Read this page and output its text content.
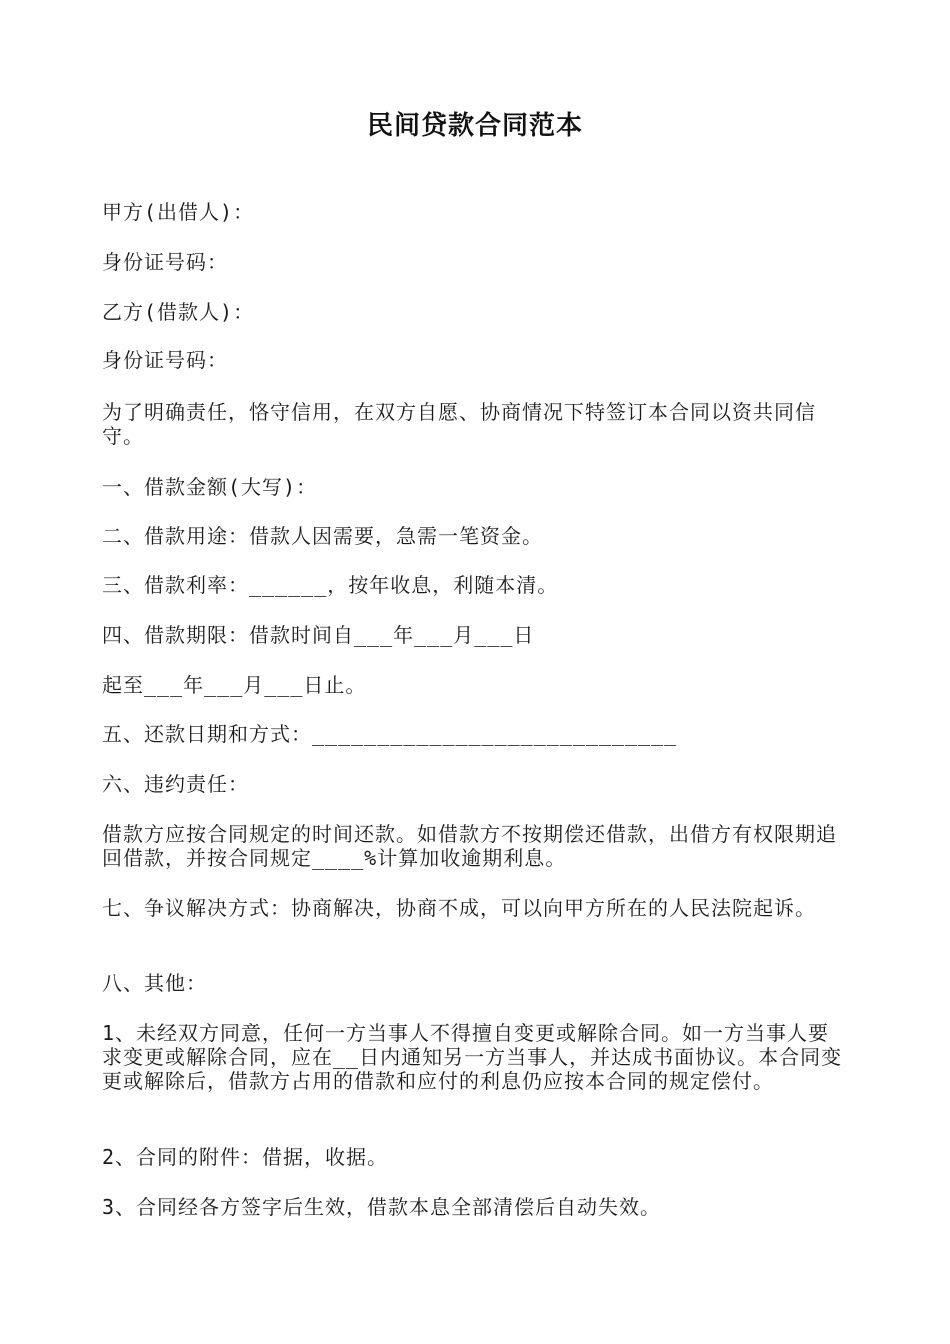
民间贷款合同范本

甲方(出借人)：

身份证号码：

乙方(借款人)：

身份证号码：

为了明确责任，恪守信用，在双方自愿、协商情况下特签订本合同以资共同信守。

一、借款金额(大写)：

二、借款用途：借款人因需要，急需一笔资金。

三、借款利率：______，按年收息，利随本清。

四、借款期限：借款时间自___年___月___日

起至___年___月___日止。

五、还款日期和方式：____________________________

六、违约责任：

借款方应按合同规定的时间还款。如借款方不按期偿还借款，出借方有权限期追回借款，并按合同规定____%计算加收逾期利息。

七、争议解决方式：协商解决，协商不成，可以向甲方所在的人民法院起诉。

八、其他：

1、未经双方同意，任何一方当事人不得擅自变更或解除合同。如一方当事人要求变更或解除合同，应在__日内通知另一方当事人，并达成书面协议。本合同变更或解除后，借款方占用的借款和应付的利息仍应按本合同的规定偿付。

2、合同的附件：借据，收据。

3、合同经各方签字后生效，借款本息全部清偿后自动失效。
